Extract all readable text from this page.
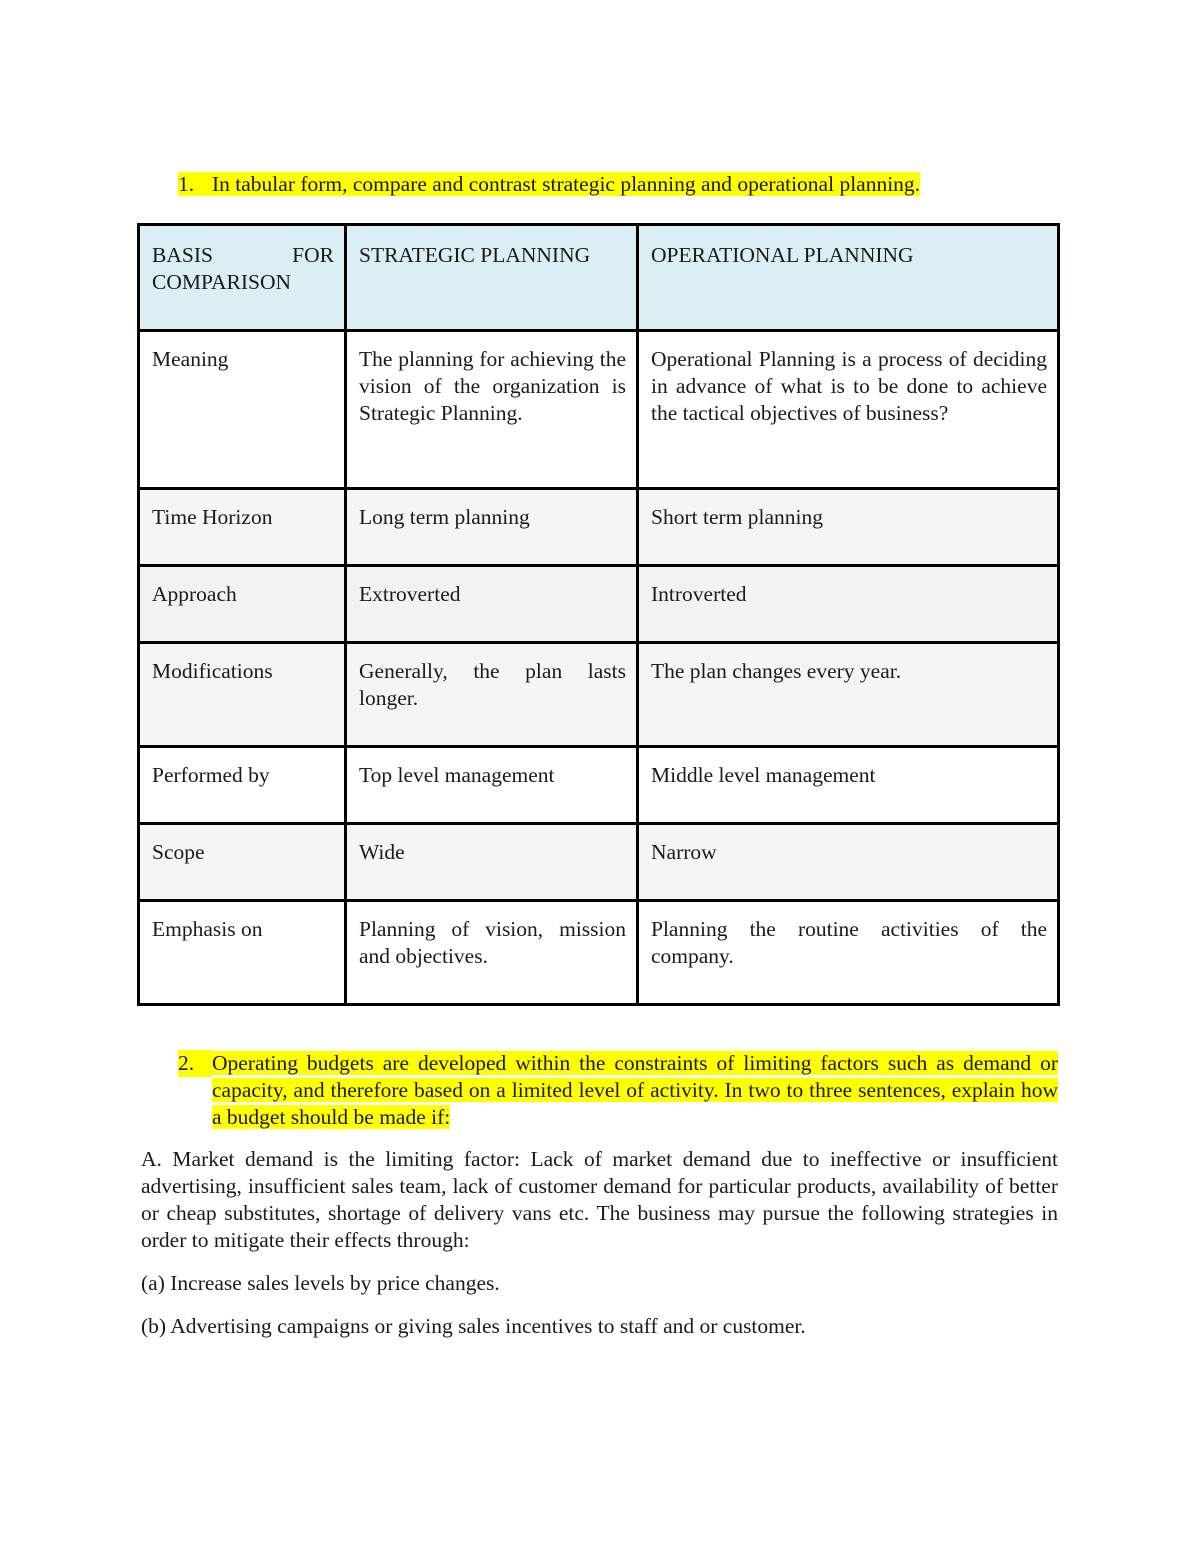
1. In tabular form, compare and contrast strategic planning and operational planning.
BASIS FOR COMPARISON	STRATEGIC PLANNING	OPERATIONAL PLANNING
Meaning	The planning for achieving the vision of the organization is Strategic Planning.	Operational Planning is a process of deciding in advance of what is to be done to achieve the tactical objectives of business?
Time Horizon	Long term planning	Short term planning
Approach	Extroverted	Introverted
Modifications	Generally, the plan lasts longer.	The plan changes every year.
Performed by	Top level management	Middle level management
Scope	Wide	Narrow
Emphasis on	Planning of vision, mission and objectives.	Planning the routine activities of the company.
2. Operating budgets are developed within the constraints of limiting factors such as demand or capacity, and therefore based on a limited level of activity. In two to three sentences, explain how a budget should be made if:
A. Market demand is the limiting factor: Lack of market demand due to ineffective or insufficient advertising, insufficient sales team, lack of customer demand for particular products, availability of better or cheap substitutes, shortage of delivery vans etc. The business may pursue the following strategies in order to mitigate their effects through:
(a) Increase sales levels by price changes.
(b) Advertising campaigns or giving sales incentives to staff and or customer.
